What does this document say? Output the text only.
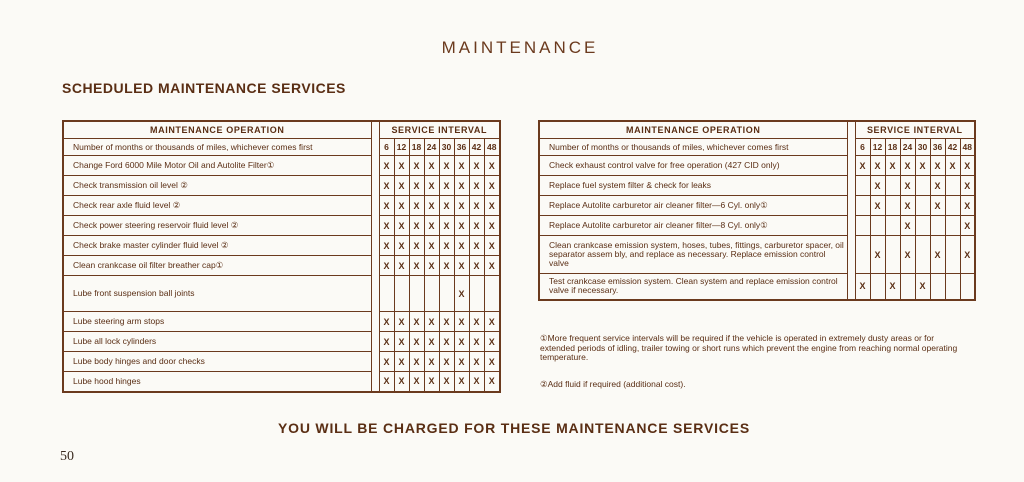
MAINTENANCE
SCHEDULED MAINTENANCE SERVICES
MAINTENANCE OPERATION		SERVICE INTERVAL							
Number of months or thousands of miles, whichever comes first		6	12	18	24	30	36	42	48
Change Ford 6000 Mile Motor Oil and Autolite Filter①		X	X	X	X	X	X	X	X
Check transmission oil level ②		X	X	X	X	X	X	X	X
Check rear axle fluid level ②		X	X	X	X	X	X	X	X
Check power steering reservoir fluid level ②		X	X	X	X	X	X	X	X
Check brake master cylinder fluid level ②		X	X	X	X	X	X	X	X
Clean crankcase oil filter breather cap①		X	X	X	X	X	X	X	X
Lube front suspension ball joints							X		
Lube steering arm stops		X	X	X	X	X	X	X	X
Lube all lock cylinders		X	X	X	X	X	X	X	X
Lube body hinges and door checks		X	X	X	X	X	X	X	X
Lube hood hinges		X	X	X	X	X	X	X	X
MAINTENANCE OPERATION		SERVICE INTERVAL							
Number of months or thousands of miles, whichever comes first		6	12	18	24	30	36	42	48
Check exhaust control valve for free operation (427 CID only)		X	X	X	X	X	X	X	X
Replace fuel system filter & check for leaks			X		X		X		X
Replace Autolite carburetor air cleaner filter—6 Cyl. only①			X		X		X		X
Replace Autolite carburetor air cleaner filter—8 Cyl. only①					X				X
Clean crankcase emission system, hoses, tubes, fittings, carburetor spacer, oil separator assem bly, and replace as necessary. Replace emission control valve			X		X		X		X
Test crankcase emission system. Clean system and replace emission control valve if necessary.		X		X		X			
①More frequent service intervals will be required if the vehicle is operated in extremely dusty areas or for extended periods of idling, trailer towing or short runs which prevent the engine from reaching normal operating temperature.
②Add fluid if required (additional cost).
YOU WILL BE CHARGED FOR THESE MAINTENANCE SERVICES
50
